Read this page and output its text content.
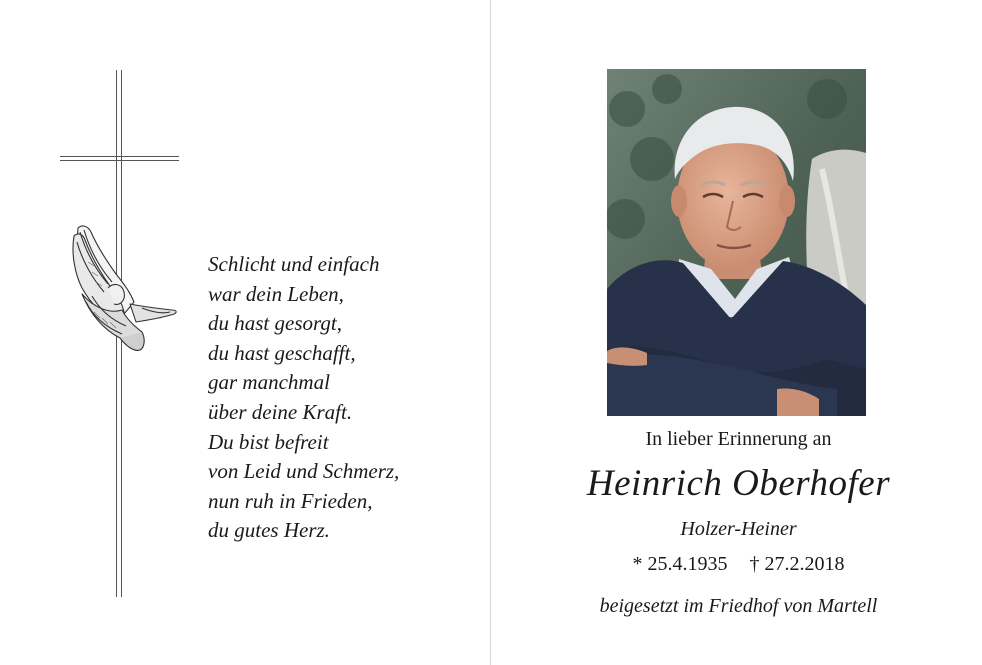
Schlicht und einfach
war dein Leben,
du hast gesorgt,
du hast geschafft,
gar manchmal
über deine Kraft.
Du bist befreit
von Leid und Schmerz,
nun ruh in Frieden,
du gutes Herz.
In lieber Erinnerung an
Heinrich Oberhofer
Holzer-Heiner
* 25.4.1935 † 27.2.2018
beigesetzt im Friedhof von Martell
